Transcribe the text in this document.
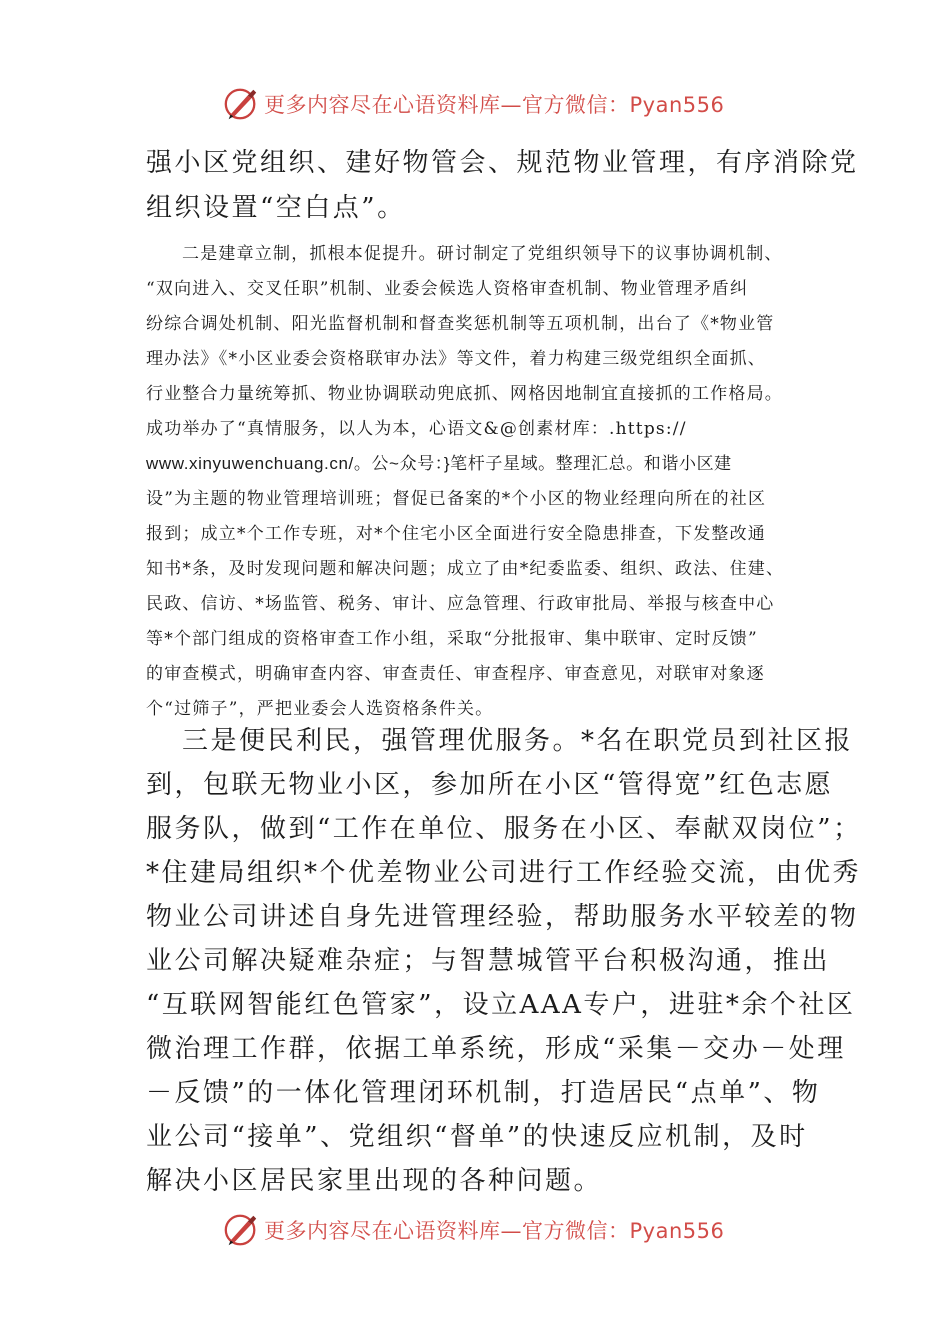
更多内容尽在心语资料库—官方微信：Pyan556

强小区党组织、建好物管会、规范物业管理，有序消除党

组织设置“空白点”。

二是建章立制，抓根本促提升。研讨制定了党组织领导下的议事协调机制、

“双向进入、交叉任职”机制、业委会候选人资格审查机制、物业管理矛盾纠

纷综合调处机制、阳光监督机制和督查奖惩机制等五项机制，出台了《*物业管

理办法》《*小区业委会资格联审办法》等文件，着力构建三级党组织全面抓、

行业整合力量统筹抓、物业协调联动兜底抓、网格因地制宜直接抓的工作格局。

成功举办了“真情服务，以人为本，心语文&@创素材库：.https://

www.xinyuwenchuang.cn/。公~众号：}笔杆子星域。整理汇总。和谐小区建

设”为主题的物业管理培训班；督促已备案的*个小区的物业经理向所在的社区

报到；成立*个工作专班，对*个住宅小区全面进行安全隐患排查，下发整改通

知书*条，及时发现问题和解决问题；成立了由*纪委监委、组织、政法、住建、

民政、信访、*场监管、税务、审计、应急管理、行政审批局、举报与核查中心

等*个部门组成的资格审查工作小组，采取“分批报审、集中联审、定时反馈”

的审查模式，明确审查内容、审查责任、审查程序、审查意见，对联审对象逐

个“过筛子”，严把业委会人选资格条件关。

三是便民利民，强管理优服务。*名在职党员到社区报

到，包联无物业小区，参加所在小区“管得宽”红色志愿

服务队，做到“工作在单位、服务在小区、奉献双岗位”；

*住建局组织*个优差物业公司进行工作经验交流，由优秀

物业公司讲述自身先进管理经验，帮助服务水平较差的物

业公司解决疑难杂症；与智慧城管平台积极沟通，推出

“互联网智能红色管家”，设立AAA专户，进驻*余个社区

微治理工作群，依据工单系统，形成“采集－交办－处理

－反馈”的一体化管理闭环机制，打造居民“点单”、物

业公司“接单”、党组织“督单”的快速反应机制，及时

解决小区居民家里出现的各种问题。

更多内容尽在心语资料库—官方微信：Pyan556
